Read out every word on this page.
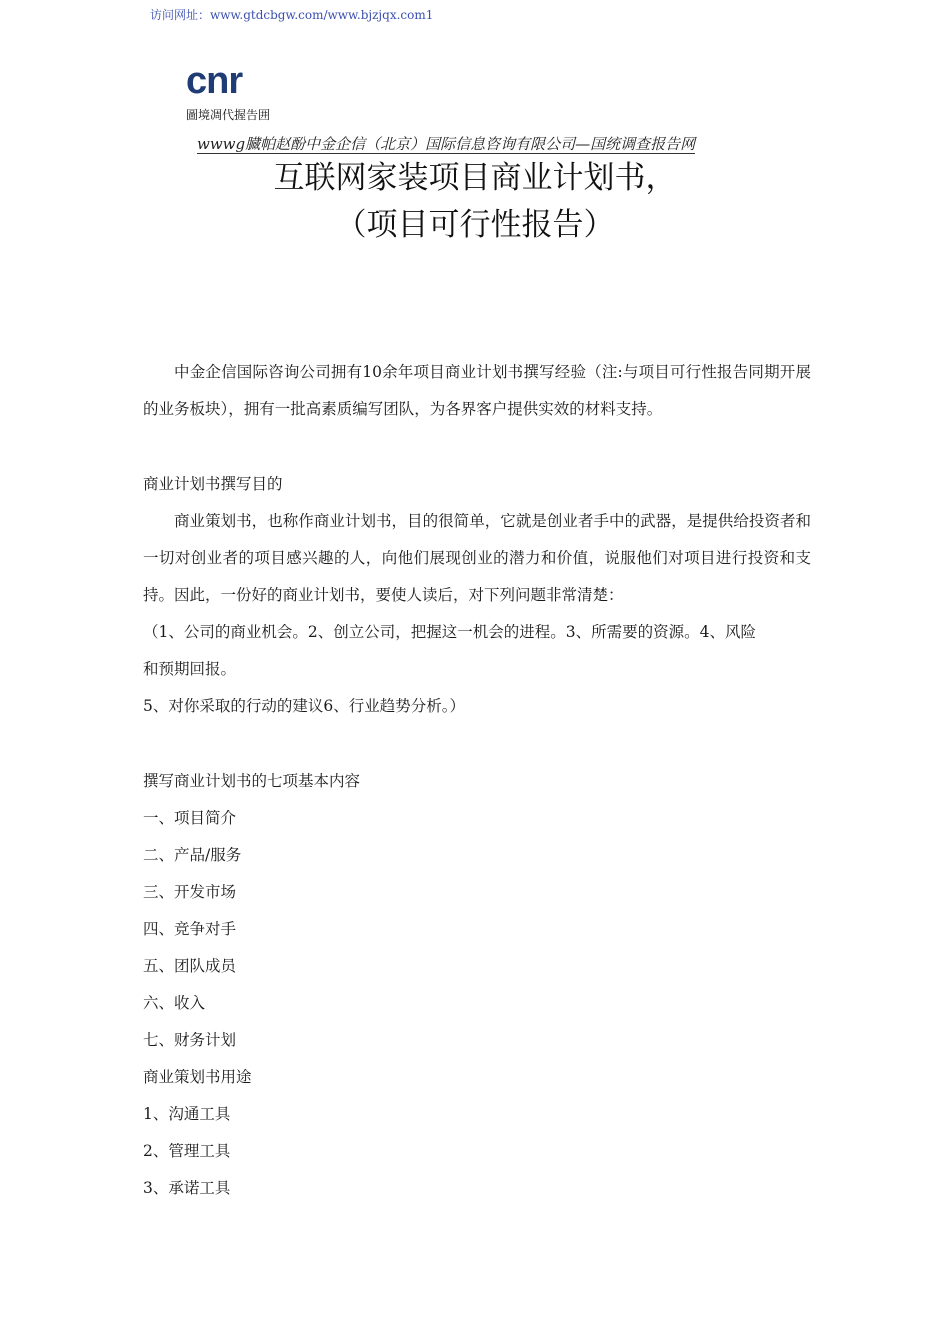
访问网址：www.gtdcbgw.com/www.bjzjqx.com1
cnr
圖境凋代握告囲
wwwg臓帕赵酚中金企信（北京）国际信息咨询有限公司—国统调查报告网
互联网家装项目商业计划书，
（项目可行性报告）

中金企信国际咨询公司拥有10余年项目商业计划书撰写经验（注:与项目可行性报告同期开展的业务板块），拥有一批高素质编写团队，为各界客户提供实效的材料支持。

商业计划书撰写目的

商业策划书，也称作商业计划书，目的很简单，它就是创业者手中的武器，是提供给投资者和一切对创业者的项目感兴趣的人，向他们展现创业的潜力和价值，说服他们对项目进行投资和支持。因此，一份好的商业计划书，要使人读后，对下列问题非常清楚：

（1、公司的商业机会。2、创立公司，把握这一机会的进程。3、所需要的资源。4、风险

和预期回报。

5、对你采取的行动的建议6、行业趋势分析。）

撰写商业计划书的七项基本内容

一、项目简介

二、产品/服务

三、开发市场

四、竞争对手

五、团队成员

六、收入

七、财务计划

商业策划书用途

1、沟通工具

2、管理工具

3、承诺工具
